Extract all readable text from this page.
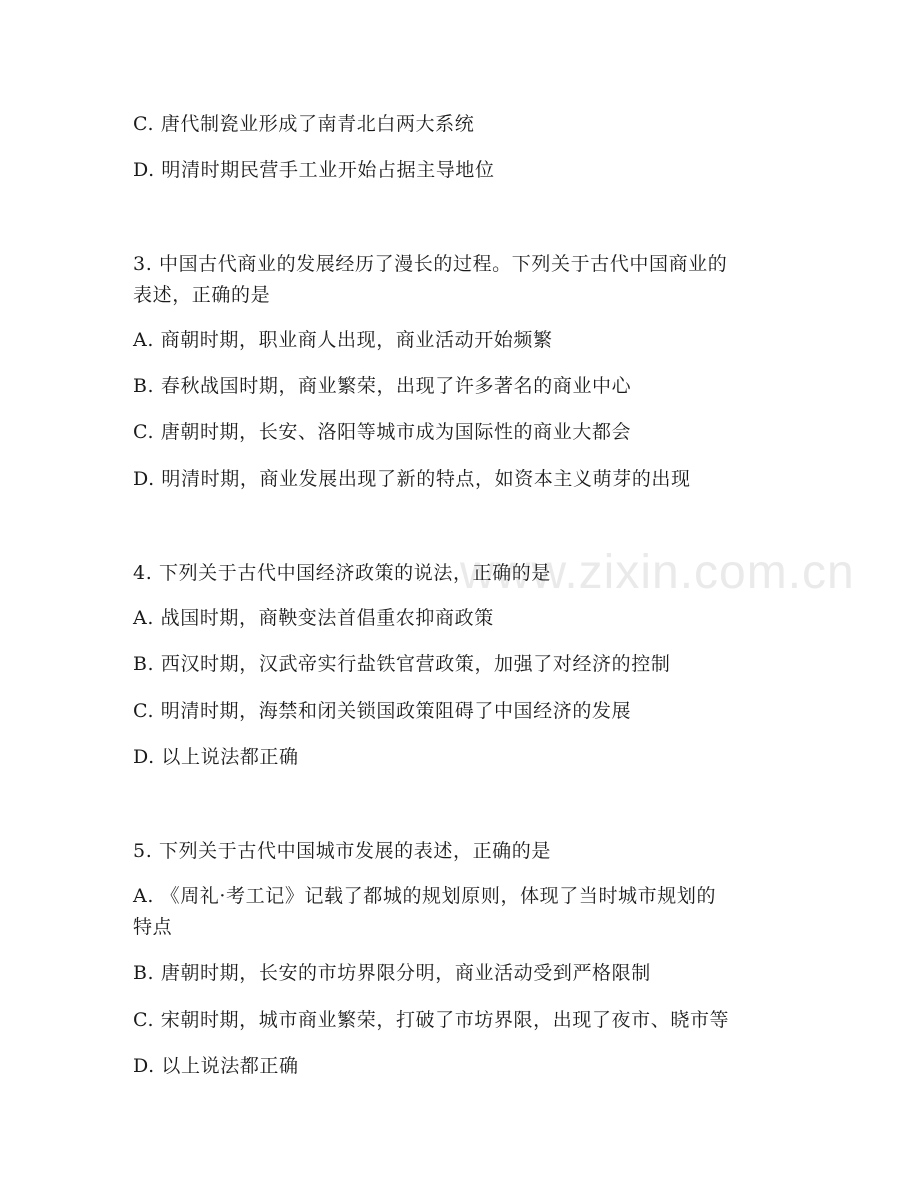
www.zixin.com.cn
C. 唐代制瓷业形成了南青北白两大系统
D. 明清时期民营手工业开始占据主导地位
3. 中国古代商业的发展经历了漫长的过程。下列关于古代中国商业的
表述，正确的是
A. 商朝时期，职业商人出现，商业活动开始频繁
B. 春秋战国时期，商业繁荣，出现了许多著名的商业中心
C. 唐朝时期，长安、洛阳等城市成为国际性的商业大都会
D. 明清时期，商业发展出现了新的特点，如资本主义萌芽的出现
4. 下列关于古代中国经济政策的说法，正确的是
A. 战国时期，商鞅变法首倡重农抑商政策
B. 西汉时期，汉武帝实行盐铁官营政策，加强了对经济的控制
C. 明清时期，海禁和闭关锁国政策阻碍了中国经济的发展
D. 以上说法都正确
5. 下列关于古代中国城市发展的表述，正确的是
A. 《周礼·考工记》记载了都城的规划原则，体现了当时城市规划的
特点
B. 唐朝时期，长安的市坊界限分明，商业活动受到严格限制
C. 宋朝时期，城市商业繁荣，打破了市坊界限，出现了夜市、晓市等
D. 以上说法都正确
